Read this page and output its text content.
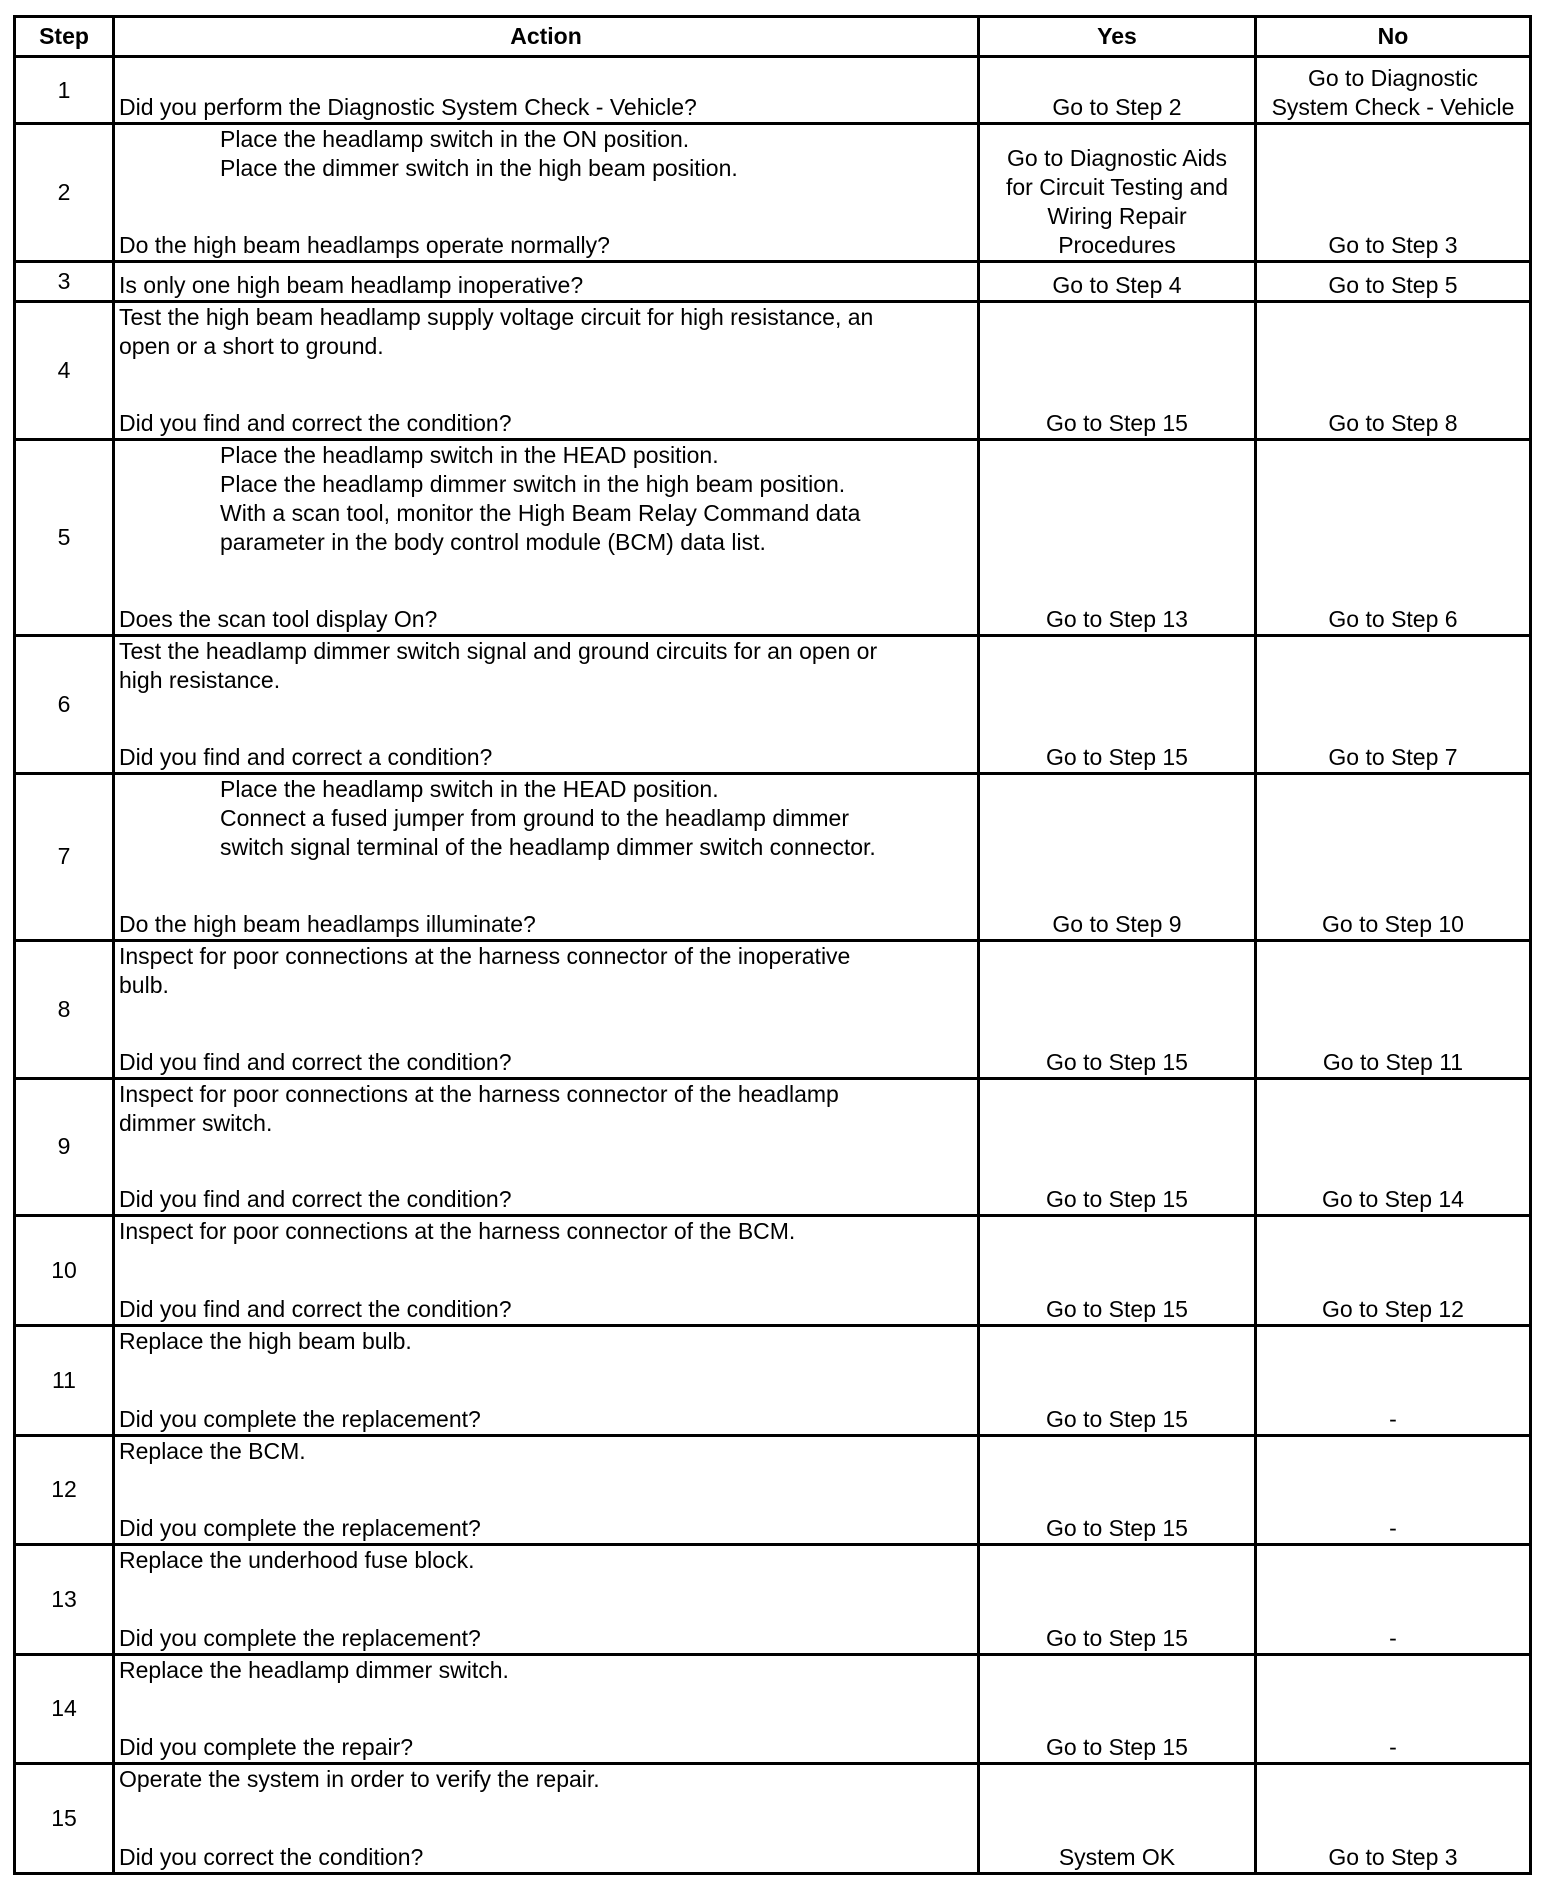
Step	Action	Yes	No
1	Did you perform the Diagnostic System Check - Vehicle?	Go to Step 2	Go to Diagnostic
System Check - Vehicle

2	Place the headlamp switch in the ON position.
Place the dimmer switch in the high beam position.
Do the high beam headlamps operate normally?	Go to Diagnostic Aids
for Circuit Testing and
Wiring Repair
Procedures	Go to Step 3

3	Is only one high beam headlamp inoperative?	Go to Step 4	Go to Step 5

4	Test the high beam headlamp supply voltage circuit for high resistance, an
open or a short to ground.
Did you find and correct the condition?	Go to Step 15	Go to Step 8

5	Place the headlamp switch in the HEAD position.
Place the headlamp dimmer switch in the high beam position.
With a scan tool, monitor the High Beam Relay Command data
parameter in the body control module (BCM) data list.
Does the scan tool display On?	Go to Step 13	Go to Step 6

6	Test the headlamp dimmer switch signal and ground circuits for an open or
high resistance.
Did you find and correct a condition?	Go to Step 15	Go to Step 7

7	Place the headlamp switch in the HEAD position.
Connect a fused jumper from ground to the headlamp dimmer
switch signal terminal of the headlamp dimmer switch connector.
Do the high beam headlamps illuminate?	Go to Step 9	Go to Step 10

8	Inspect for poor connections at the harness connector of the inoperative
bulb.
Did you find and correct the condition?	Go to Step 15	Go to Step 11

9	Inspect for poor connections at the harness connector of the headlamp
dimmer switch.
Did you find and correct the condition?	Go to Step 15	Go to Step 14

10	Inspect for poor connections at the harness connector of the BCM.
Did you find and correct the condition?	Go to Step 15	Go to Step 12

11	Replace the high beam bulb.
Did you complete the replacement?	Go to Step 15	-

12	Replace the BCM.
Did you complete the replacement?	Go to Step 15	-

13	Replace the underhood fuse block.
Did you complete the replacement?	Go to Step 15	-

14	Replace the headlamp dimmer switch.
Did you complete the repair?	Go to Step 15	-

15	Operate the system in order to verify the repair.
Did you correct the condition?	System OK	Go to Step 3
